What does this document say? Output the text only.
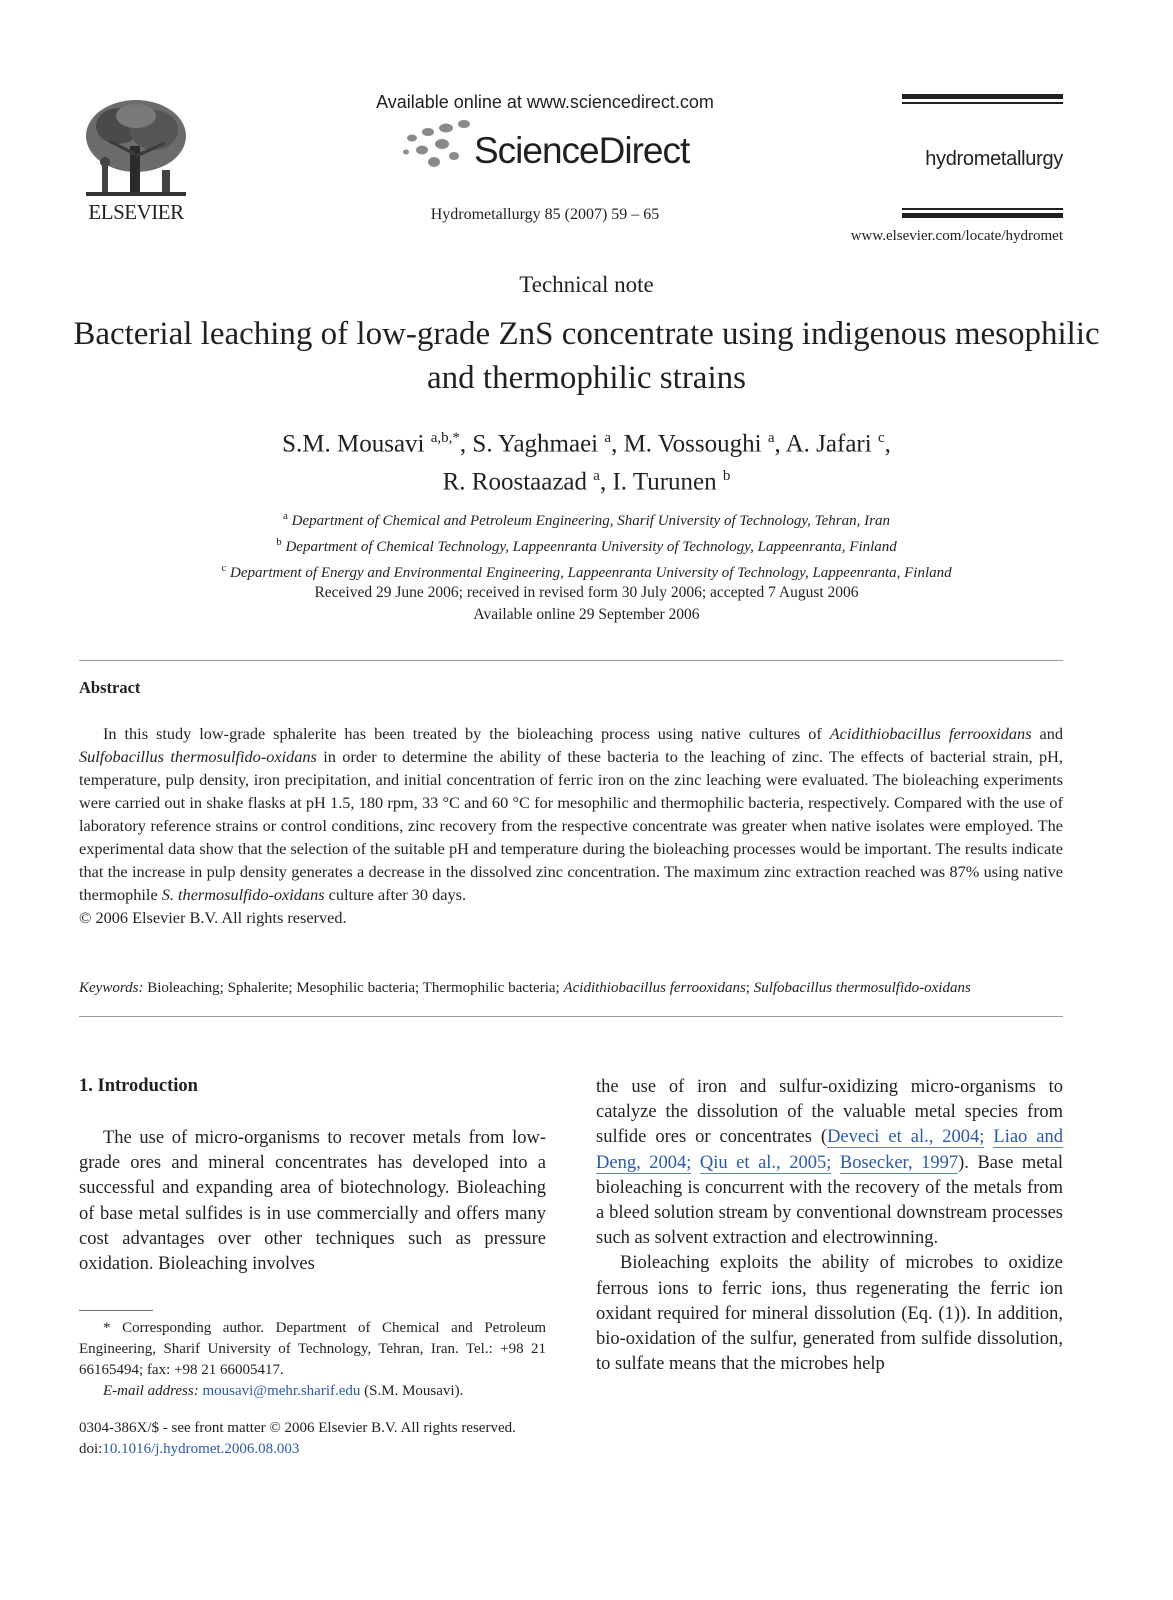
ELSEVIER
Available online at www.sciencedirect.com
ScienceDirect
Hydrometallurgy 85 (2007) 59 – 65
hydrometallurgy
www.elsevier.com/locate/hydromet
Technical note
Bacterial leaching of low-grade ZnS concentrate using indigenous mesophilic and thermophilic strains
S.M. Mousavi $^{a,b,*}$, S. Yaghmaei $^a$, M. Vossoughi $^a$, A. Jafari $^c$,
R. Roostaazad $^a$, I. Turunen $^b$
$^a$ Department of Chemical and Petroleum Engineering, Sharif University of Technology, Tehran, Iran
$^b$ Department of Chemical Technology, Lappeenranta University of Technology, Lappeenranta, Finland
$^c$ Department of Energy and Environmental Engineering, Lappeenranta University of Technology, Lappeenranta, Finland
Received 29 June 2006; received in revised form 30 July 2006; accepted 7 August 2006
Available online 29 September 2006
Abstract

In this study low-grade sphalerite has been treated by the bioleaching process using native cultures of Acidithiobacillus ferrooxidans and Sulfobacillus thermosulfido-oxidans in order to determine the ability of these bacteria to the leaching of zinc. The effects of bacterial strain, pH, temperature, pulp density, iron precipitation, and initial concentration of ferric iron on the zinc leaching were evaluated. The bioleaching experiments were carried out in shake flasks at pH 1.5, 180 rpm, 33 °C and 60 °C for mesophilic and thermophilic bacteria, respectively. Compared with the use of laboratory reference strains or control conditions, zinc recovery from the respective concentrate was greater when native isolates were employed. The experimental data show that the selection of the suitable pH and temperature during the bioleaching processes would be important. The results indicate that the increase in pulp density generates a decrease in the dissolved zinc concentration. The maximum zinc extraction reached was 87% using native thermophile S. thermosulfido-oxidans culture after 30 days.

© 2006 Elsevier B.V. All rights reserved.
Keywords: Bioleaching; Sphalerite; Mesophilic bacteria; Thermophilic bacteria; Acidithiobacillus ferrooxidans; Sulfobacillus thermosulfido-oxidans
1. Introduction

The use of micro-organisms to recover metals from low-grade ores and mineral concentrates has developed into a successful and expanding area of biotechnology. Bioleaching of base metal sulfides is in use commercially and offers many cost advantages over other techniques such as pressure oxidation. Bioleaching involves

the use of iron and sulfur-oxidizing micro-organisms to catalyze the dissolution of the valuable metal species from sulfide ores or concentrates (Deveci et al., 2004; Liao and Deng, 2004; Qiu et al., 2005; Bosecker, 1997). Base metal bioleaching is concurrent with the recovery of the metals from a bleed solution stream by conventional downstream processes such as solvent extraction and electrowinning.

Bioleaching exploits the ability of microbes to oxidize ferrous ions to ferric ions, thus regenerating the ferric ion oxidant required for mineral dissolution (Eq. (1)). In addition, bio-oxidation of the sulfur, generated from sulfide dissolution, to sulfate means that the microbes help

* Corresponding author. Department of Chemical and Petroleum Engineering, Sharif University of Technology, Tehran, Iran. Tel.: +98 21 66165494; fax: +98 21 66005417.
E-mail address: mousavi@mehr.sharif.edu (S.M. Mousavi).
0304-386X/$ - see front matter © 2006 Elsevier B.V. All rights reserved.
doi:10.1016/j.hydromet.2006.08.003
